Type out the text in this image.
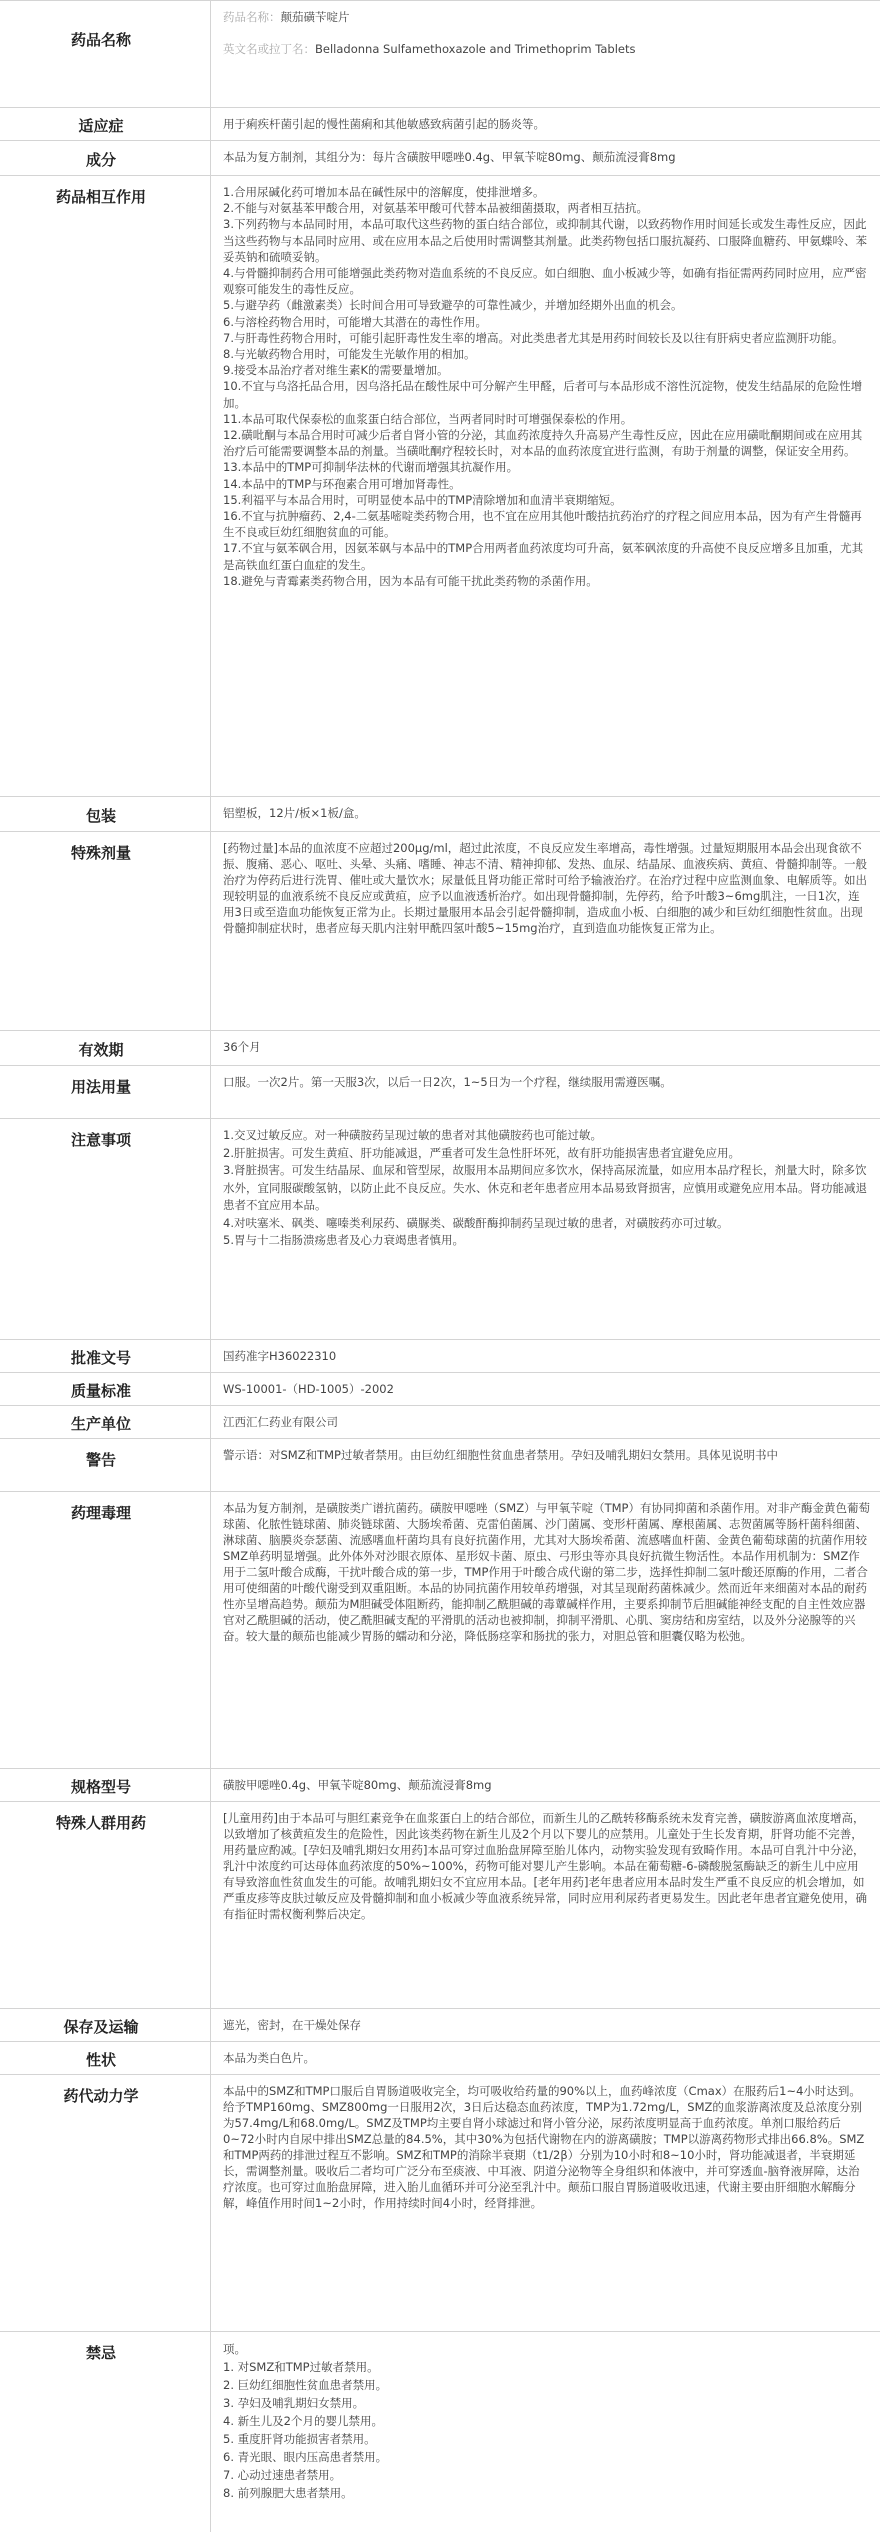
药品名称
药品名称：颠茄磺苄啶片
英文名或拉丁名：Belladonna Sulfamethoxazole and Trimethoprim Tablets
适应症	用于痢疾杆菌引起的慢性菌痢和其他敏感致病菌引起的肠炎等。
成分	本品为复方制剂，其组分为：每片含磺胺甲噁唑0.4g、甲氧苄啶80mg、颠茄流浸膏8mg
药品相互作用	1.合用尿碱化药可增加本品在碱性尿中的溶解度，使排泄增多。
2.不能与对氨基苯甲酸合用，对氨基苯甲酸可代替本品被细菌摄取，两者相互拮抗。
3.下列药物与本品同时用，本品可取代这些药物的蛋白结合部位，或抑制其代谢，以致药物作用时间延长或发生毒性反应，因此当这些药物与本品同时应用、或在应用本品之后使用时需调整其剂量。此类药物包括口服抗凝药、口服降血糖药、甲氨蝶呤、苯妥英钠和硫喷妥钠。
4.与骨髓抑制药合用可能增强此类药物对造血系统的不良反应。如白细胞、血小板减少等，如确有指征需两药同时应用，应严密观察可能发生的毒性反应。
5.与避孕药（雌激素类）长时间合用可导致避孕的可靠性减少，并增加经期外出血的机会。
6.与溶栓药物合用时，可能增大其潜在的毒性作用。
7.与肝毒性药物合用时，可能引起肝毒性发生率的增高。对此类患者尤其是用药时间较长及以往有肝病史者应监测肝功能。
8.与光敏药物合用时，可能发生光敏作用的相加。
9.接受本品治疗者对维生素K的需要量增加。
10.不宜与乌洛托品合用，因乌洛托品在酸性尿中可分解产生甲醛，后者可与本品形成不溶性沉淀物，使发生结晶尿的危险性增加。
11.本品可取代保泰松的血浆蛋白结合部位，当两者同时时可增强保泰松的作用。
12.磺吡酮与本品合用时可减少后者自肾小管的分泌，其血药浓度持久升高易产生毒性反应，因此在应用磺吡酮期间或在应用其治疗后可能需要调整本品的剂量。当磺吡酮疗程较长时，对本品的血药浓度宜进行监测，有助于剂量的调整，保证安全用药。
13.本品中的TMP可抑制华法林的代谢而增强其抗凝作用。
14.本品中的TMP与环孢素合用可增加肾毒性。
15.利福平与本品合用时，可明显使本品中的TMP清除增加和血清半衰期缩短。
16.不宜与抗肿瘤药、2,4-二氨基嘧啶类药物合用，也不宜在应用其他叶酸拮抗药治疗的疗程之间应用本品，因为有产生骨髓再生不良或巨幼红细胞贫血的可能。
17.不宜与氨苯砜合用，因氨苯砜与本品中的TMP合用两者血药浓度均可升高，氨苯砜浓度的升高使不良反应增多且加重，尤其是高铁血红蛋白血症的发生。
18.避免与青霉素类药物合用，因为本品有可能干扰此类药物的杀菌作用。
包装	铝塑板，12片/板×1板/盒。
特殊剂量	[药物过量]本品的血浓度不应超过200μg/ml，超过此浓度，不良反应发生率增高，毒性增强。过量短期服用本品会出现食欲不振、腹痛、恶心、呕吐、头晕、头痛、嗜睡、神志不清、精神抑郁、发热、血尿、结晶尿、血液疾病、黄疸、骨髓抑制等。一般治疗为停药后进行洗胃、催吐或大量饮水；尿量低且肾功能正常时可给予输液治疗。在治疗过程中应监测血象、电解质等。如出现较明显的血液系统不良反应或黄疸，应予以血液透析治疗。如出现骨髓抑制，先停药，给予叶酸3~6mg肌注，一日1次，连用3日或至造血功能恢复正常为止。长期过量服用本品会引起骨髓抑制，造成血小板、白细胞的减少和巨幼红细胞性贫血。出现骨髓抑制症状时，患者应每天肌内注射甲酰四氢叶酸5~15mg治疗，直到造血功能恢复正常为止。
有效期	36个月
用法用量	口服。一次2片。第一天服3次，以后一日2次，1~5日为一个疗程，继续服用需遵医嘱。
注意事项	1.交叉过敏反应。对一种磺胺药呈现过敏的患者对其他磺胺药也可能过敏。
2.肝脏损害。可发生黄疸、肝功能减退，严重者可发生急性肝坏死，故有肝功能损害患者宜避免应用。
3.肾脏损害。可发生结晶尿、血尿和管型尿，故服用本品期间应多饮水，保持高尿流量，如应用本品疗程长，剂量大时，除多饮水外，宜同服碳酸氢钠，以防止此不良反应。失水、休克和老年患者应用本品易致肾损害，应慎用或避免应用本品。肾功能减退患者不宜应用本品。
4.对呋塞米、砜类、噻嗪类利尿药、磺脲类、碳酸酐酶抑制药呈现过敏的患者，对磺胺药亦可过敏。
5.胃与十二指肠溃疡患者及心力衰竭患者慎用。
批准文号	国药准字H36022310
质量标准	WS-10001-（HD-1005）-2002
生产单位	江西汇仁药业有限公司
警告	警示语：对SMZ和TMP过敏者禁用。由巨幼红细胞性贫血患者禁用。孕妇及哺乳期妇女禁用。具体见说明书中
药理毒理	本品为复方制剂，是磺胺类广谱抗菌药。磺胺甲噁唑（SMZ）与甲氧苄啶（TMP）有协同抑菌和杀菌作用。对非产酶金黄色葡萄球菌、化脓性链球菌、肺炎链球菌、大肠埃希菌、克雷伯菌属、沙门菌属、变形杆菌属、摩根菌属、志贺菌属等肠杆菌科细菌、淋球菌、脑膜炎奈瑟菌、流感嗜血杆菌均具有良好抗菌作用，尤其对大肠埃希菌、流感嗜血杆菌、金黄色葡萄球菌的抗菌作用较SMZ单药明显增强。此外体外对沙眼衣原体、星形奴卡菌、原虫、弓形虫等亦具良好抗微生物活性。本品作用机制为：SMZ作用于二氢叶酸合成酶，干扰叶酸合成的第一步，TMP作用于叶酸合成代谢的第二步，选择性抑制二氢叶酸还原酶的作用，二者合用可使细菌的叶酸代谢受到双重阻断。本品的协同抗菌作用较单药增强，对其呈现耐药菌株减少。然而近年来细菌对本品的耐药性亦呈增高趋势。颠茄为M胆碱受体阻断药，能抑制乙酰胆碱的毒蕈碱样作用，主要系抑制节后胆碱能神经支配的自主性效应器官对乙酰胆碱的活动，使乙酰胆碱支配的平滑肌的活动也被抑制，抑制平滑肌、心肌、窦房结和房室结，以及外分泌腺等的兴奋。较大量的颠茄也能减少胃肠的蠕动和分泌，降低肠痉挛和肠扰的张力，对胆总管和胆囊仅略为松弛。
规格型号	磺胺甲噁唑0.4g、甲氧苄啶80mg、颠茄流浸膏8mg
特殊人群用药	[儿童用药]由于本品可与胆红素竞争在血浆蛋白上的结合部位，而新生儿的乙酰转移酶系统未发育完善，磺胺游离血浓度增高，以致增加了核黄疸发生的危险性，因此该类药物在新生儿及2个月以下婴儿的应禁用。儿童处于生长发育期，肝肾功能不完善，用药量应酌减。[孕妇及哺乳期妇女用药]本品可穿过血胎盘屏障至胎儿体内，动物实验发现有致畸作用。本品可自乳汁中分泌，乳汁中浓度约可达母体血药浓度的50%~100%，药物可能对婴儿产生影响。本品在葡萄糖-6-磷酸脱氢酶缺乏的新生儿中应用有导致溶血性贫血发生的可能。故哺乳期妇女不宜应用本品。[老年用药]老年患者应用本品时发生严重不良反应的机会增加，如严重皮疹等皮肤过敏反应及骨髓抑制和血小板减少等血液系统异常，同时应用利尿药者更易发生。因此老年患者宜避免使用，确有指征时需权衡利弊后决定。
保存及运输	遮光，密封，在干燥处保存
性状	本品为类白色片。
药代动力学	本品中的SMZ和TMP口服后自胃肠道吸收完全，均可吸收给药量的90%以上，血药峰浓度（Cmax）在服药后1~4小时达到。给予TMP160mg、SMZ800mg一日服用2次，3日后达稳态血药浓度，TMP为1.72mg/L，SMZ的血浆游离浓度及总浓度分别为57.4mg/L和68.0mg/L。SMZ及TMP均主要自肾小球滤过和肾小管分泌，尿药浓度明显高于血药浓度。单剂口服给药后0~72小时内自尿中排出SMZ总量的84.5%，其中30%为包括代谢物在内的游离磺胺；TMP以游离药物形式排出66.8%。SMZ和TMP两药的排泄过程互不影响。SMZ和TMP的消除半衰期（t1/2β）分别为10小时和8~10小时，肾功能减退者，半衰期延长，需调整剂量。吸收后二者均可广泛分布至痰液、中耳液、阴道分泌物等全身组织和体液中，并可穿透血-脑脊液屏障，达治疗浓度。也可穿过血胎盘屏障，进入胎儿血循环并可分泌至乳汁中。颠茄口服自胃肠道吸收迅速，代谢主要由肝细胞水解酶分解，峰值作用时间1~2小时，作用持续时间4小时，经肾排泄。
禁忌	项。
1. 对SMZ和TMP过敏者禁用。
2. 巨幼红细胞性贫血患者禁用。
3. 孕妇及哺乳期妇女禁用。
4. 新生儿及2个月的婴儿禁用。
5. 重度肝肾功能损害者禁用。
6. 青光眼、眼内压高患者禁用。
7. 心动过速患者禁用。
8. 前列腺肥大患者禁用。
